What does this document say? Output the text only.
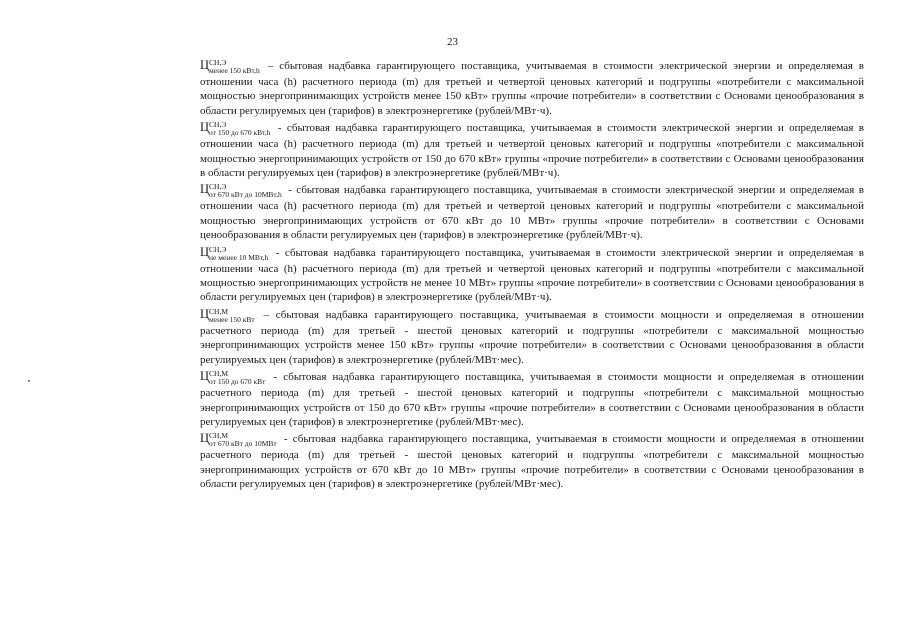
23

Ц СН,Э
менее 150 кВт,h – сбытовая надбавка гарантирующего поставщика, учитываемая в стоимости электрической энергии и определяемая в отношении часа (h) расчетного периода (m) для третьей и четвертой ценовых категорий и подгруппы «потребители с максимальной мощностью энергопринимающих устройств менее 150 кВт» группы «прочие потребители» в соответствии с Основами ценообразования в области регулируемых цен (тарифов) в электроэнергетике (рублей/МВт·ч).

Ц СН,Э
от 150 до 670 кВт,h - сбытовая надбавка гарантирующего поставщика, учитываемая в стоимости электрической энергии и определяемая в отношении часа (h) расчетного периода (m) для третьей и четвертой ценовых категорий и подгруппы «потребители с максимальной мощностью энергопринимающих устройств от 150 до 670 кВт» группы «прочие потребители» в соответствии с Основами ценообразования в области регулируемых цен (тарифов) в электроэнергетике (рублей/МВт·ч).

Ц СН,Э
от 670 кВт до 10МВт,h - сбытовая надбавка гарантирующего поставщика, учитываемая в стоимости электрической энергии и определяемая в отношении часа (h) расчетного периода (m) для третьей и четвертой ценовых категорий и подгруппы «потребители с максимальной мощностью энергопринимающих устройств от 670 кВт до 10 МВт» группы «прочие потребители» в соответствии с Основами ценообразования в области регулируемых цен (тарифов) в электроэнергетике (рублей/МВт·ч).

Ц СН,Э
не менее 10 МВт,h - сбытовая надбавка гарантирующего поставщика, учитываемая в стоимости электрической энергии и определяемая в отношении часа (h) расчетного периода (m) для третьей и четвертой ценовых категорий и подгруппы «потребители с максимальной мощностью энергопринимающих устройств не менее 10 МВт» группы «прочие потребители» в соответствии с Основами ценообразования в области регулируемых цен (тарифов) в электроэнергетике (рублей/МВт·ч).

Ц СН,М
менее 150 кВт – сбытовая надбавка гарантирующего поставщика, учитываемая в стоимости мощности и определяемая в отношении расчетного периода (m) для третьей - шестой ценовых категорий и подгруппы «потребители с максимальной мощностью энергопринимающих устройств менее 150 кВт» группы «прочие потребители» в соответствии с Основами ценообразования в области регулируемых цен (тарифов) в электроэнергетике (рублей/МВт·мес).

Ц СН,М
от 150 до 670 кВт - сбытовая надбавка гарантирующего поставщика, учитываемая в стоимости мощности и определяемая в отношении расчетного периода (m) для третьей - шестой ценовых категорий и подгруппы «потребители с максимальной мощностью энергопринимающих устройств от 150 до 670 кВт» группы «прочие потребители» в соответствии с Основами ценообразования в области регулируемых цен (тарифов) в электроэнергетике (рублей/МВт·мес).

Ц СН,М
от 670 кВт до 10МВт - сбытовая надбавка гарантирующего поставщика, учитываемая в стоимости мощности и определяемая в отношении расчетного периода (m) для третьей - шестой ценовых категорий и подгруппы «потребители с максимальной мощностью энергопринимающих устройств от 670 кВт до 10 МВт» группы «прочие потребители» в соответствии с Основами ценообразования в области регулируемых цен (тарифов) в электроэнергетике (рублей/МВт·мес).
